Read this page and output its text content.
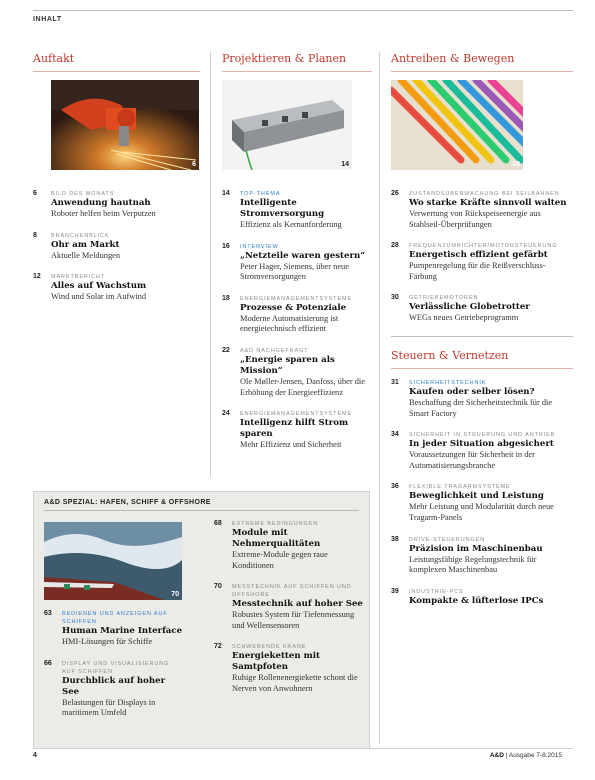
INHALT
Auftakt
6
6	BILD DES MONATS
Anwendung hautnah
Roboter helfen beim Verputzen
8	BRANCHENBLICK
Ohr am Markt
Aktuelle Meldungen
12 MARKTBERICHT
Alles auf Wachstum
Wind und Solar im Aufwind
Projektieren & Planen
14
14 TOP-THEMA
Intelligente Stromversorgung
Effizienz als Kernanforderung
16 INTERVIEW
„Netzteile waren gestern“
Peter Hager, Siemens, über neue Stromversorgungen
18 ENERGIEMANAGEMENTSYSTEME
Prozesse & Potenziale
Moderne Automatisierung ist energietechnisch effizient
22 A&D NACHGEFRAGT
„Energie sparen als Mission“
Ole Møller-Jensen, Danfoss, über die Erhöhung der Energieeffizienz
24 ENERGIEMANAGEMENTSYSTEME
Intelligenz hilft Strom sparen
Mehr Effizienz und Sicherheit
Antreiben & Bewegen
28
26 ZUSTANDSÜBERWACHUNG BEI SEILBAHNEN
Wo starke Kräfte sinnvoll walten
Verwertung von Rückspeiseenergie aus Stahlseil-Überprüfungen
28 FREQUENZUMRICHTER/MOTORSTEUERUNG
Energetisch effizient gefärbt
Pumpenregelung für die Reißverschluss-Färbung
30 GETRIEBEMOTOREN
Verlässliche Globetrotter
WEGs neues Getriebeprogramm
Steuern & Vernetzen
31 SICHERHEITSTECHNIK
Kaufen oder selber lösen?
Beschaffung der Sicherheitstechnik für die Smart Factory
34 SICHERHEIT IN STEUERUNG UND ANTRIEB
In jeder Situation abgesichert
Voraussetzungen für Sicherheit in der Automatisierungsbranche
36 FLEXIBLE TRAGARMSYSTEME
Beweglichkeit und Leistung
Mehr Leistung und Modularität durch neue Tragarm-Panels
38 DRIVE-STEUERUNGEN
Präzision im Maschinenbau
Leistungsfähige Regelungstechnik für komplexen Maschinenbau
39 INDUSTRIE-PCS
Kompakte & lüfterlose IPCs
A&D SPEZIAL: HAFEN, SCHIFF & OFFSHORE
70
63 BEDIENEN UND ANZEIGEN AUF SCHIFFEN
Human Marine Interface
HMI-Lösungen für Schiffe
66 DISPLAY UND VISUALISIERUNG AUF SCHIFFEN
Durchblick auf hoher See
Belastungen für Displays in maritimem Umfeld
68 EXTREME BEDINGUNGEN
Module mit Nehmerqualitäten
Extreme-Module gegen raue Konditionen
70 MESSTECHNIK AUF SCHIFFEN UND OFFSHORE
Messtechnik auf hoher See
Robustes System für Tiefenmessung und Wellensensoren
72 SCHWEBENDE KRANE
Energieketten mit Samtpfoten
Ruhige Rollenenergiekette schont die Nerven von Anwohnern
4	A&D | Ausgabe 7-8.2015
